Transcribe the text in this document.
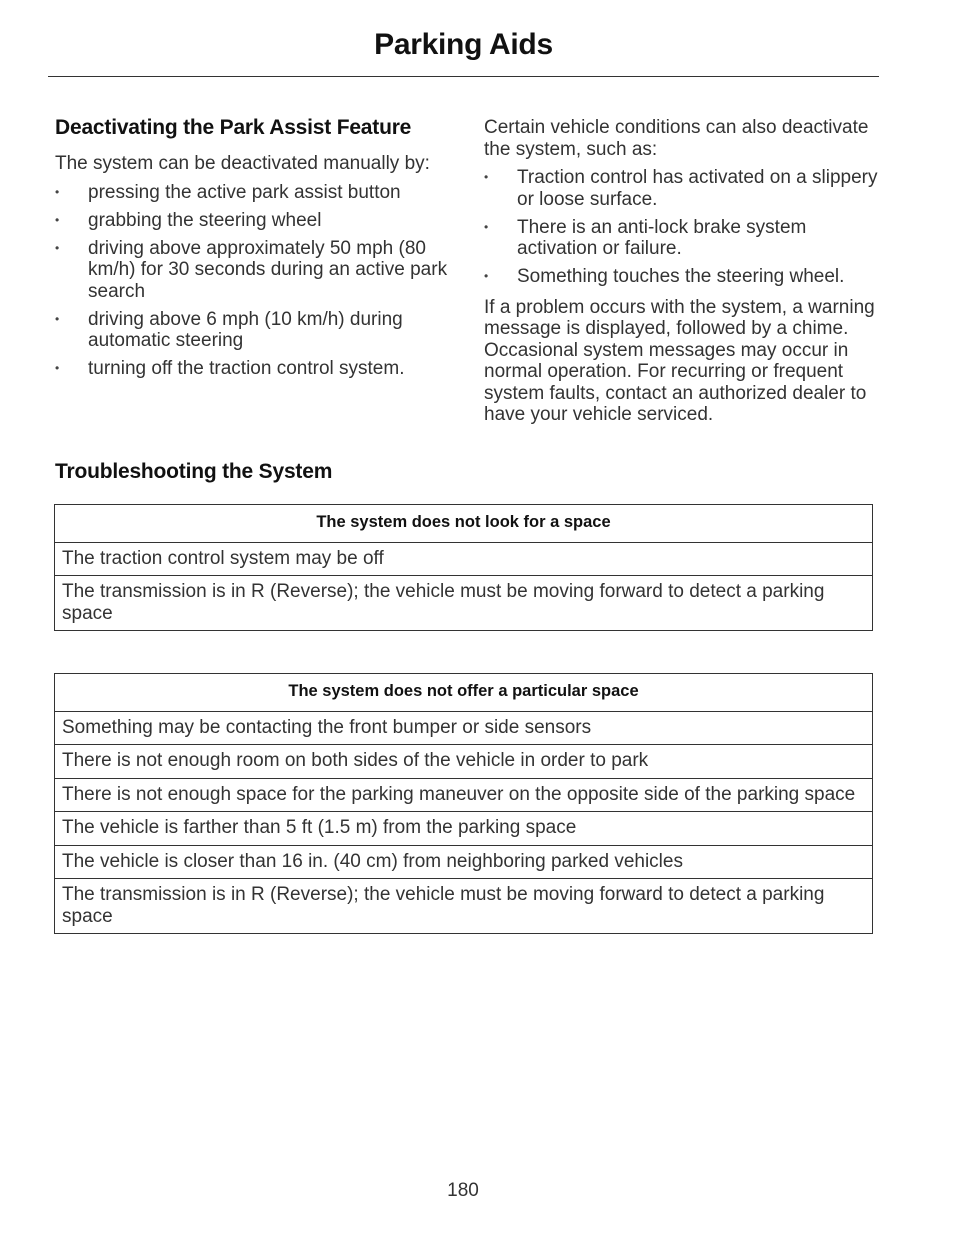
Parking Aids
Deactivating the Park Assist Feature

The system can be deactivated manually by:

• pressing the active park assist button
• grabbing the steering wheel
• driving above approximately 50 mph (80 km/h) for 30 seconds during an active park search
• driving above 6 mph (10 km/h) during automatic steering
• turning off the traction control system.

Certain vehicle conditions can also deactivate the system, such as:

• Traction control has activated on a slippery or loose surface.
• There is an anti-lock brake system activation or failure.
• Something touches the steering wheel.

If a problem occurs with the system, a warning message is displayed, followed by a chime. Occasional system messages may occur in normal operation. For recurring or frequent system faults, contact an authorized dealer to have your vehicle serviced.

Troubleshooting the System
The system does not look for a space
The traction control system may be off
The transmission is in R (Reverse); the vehicle must be moving forward to detect a parking space
The system does not offer a particular space
Something may be contacting the front bumper or side sensors
There is not enough room on both sides of the vehicle in order to park
There is not enough space for the parking maneuver on the opposite side of the parking space
The vehicle is farther than 5 ft (1.5 m) from the parking space
The vehicle is closer than 16 in. (40 cm) from neighboring parked vehicles
The transmission is in R (Reverse); the vehicle must be moving forward to detect a parking space
180
